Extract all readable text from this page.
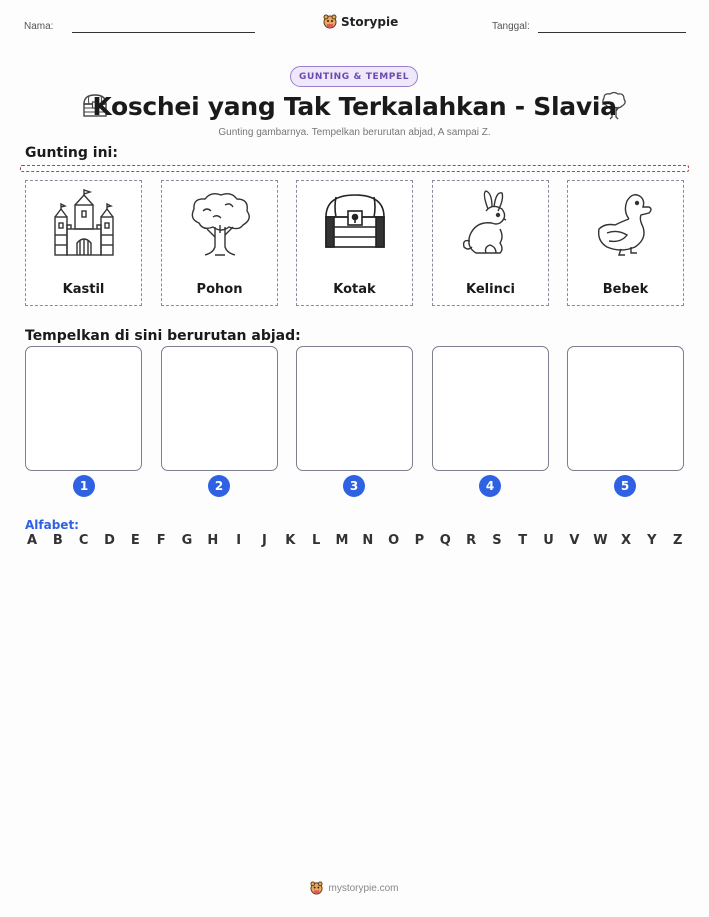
Nama:	Storypie	Tanggal:
GUNTING & TEMPEL
Koschei yang Tak Terkalahkan - Slavia
Gunting gambarnya. Tempelkan berurutan abjad, A sampai Z.
Gunting ini:
Kastil	Pohon	Kotak	Kelinci	Bebek
Tempelkan di sini berurutan abjad:
1	2	3	4	5
Alfabet:
A B C D E F G H	I	J	K L M N O P Q R S T U V W X Y Z
mystorypie.com
